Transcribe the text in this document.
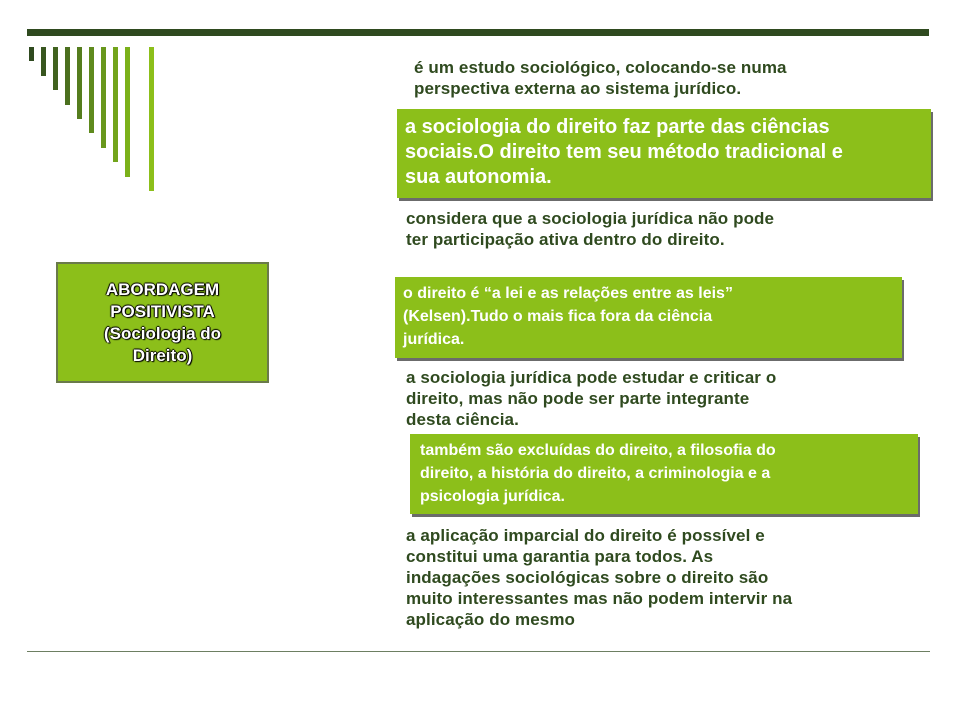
ABORDAGEM
POSITIVISTA
(Sociologia do
Direito)
é um estudo sociológico, colocando-se numa
perspectiva externa ao sistema jurídico.
a sociologia do direito faz parte das ciências
sociais.O direito tem seu método tradicional e
sua autonomia.
considera que a sociologia jurídica não pode
ter participação ativa dentro do direito.
o direito é “a lei e as relações entre as leis”
(Kelsen).Tudo o mais fica fora da ciência
jurídica.
a sociologia jurídica pode estudar e criticar o
direito, mas não pode ser parte integrante
desta ciência.
também são excluídas do direito, a filosofia do
direito, a história do direito, a criminologia e a
psicologia jurídica.
a aplicação imparcial do direito é possível e
constitui uma garantia para todos. As
indagações sociológicas sobre o direito são
muito interessantes mas não podem intervir na
aplicação do mesmo
